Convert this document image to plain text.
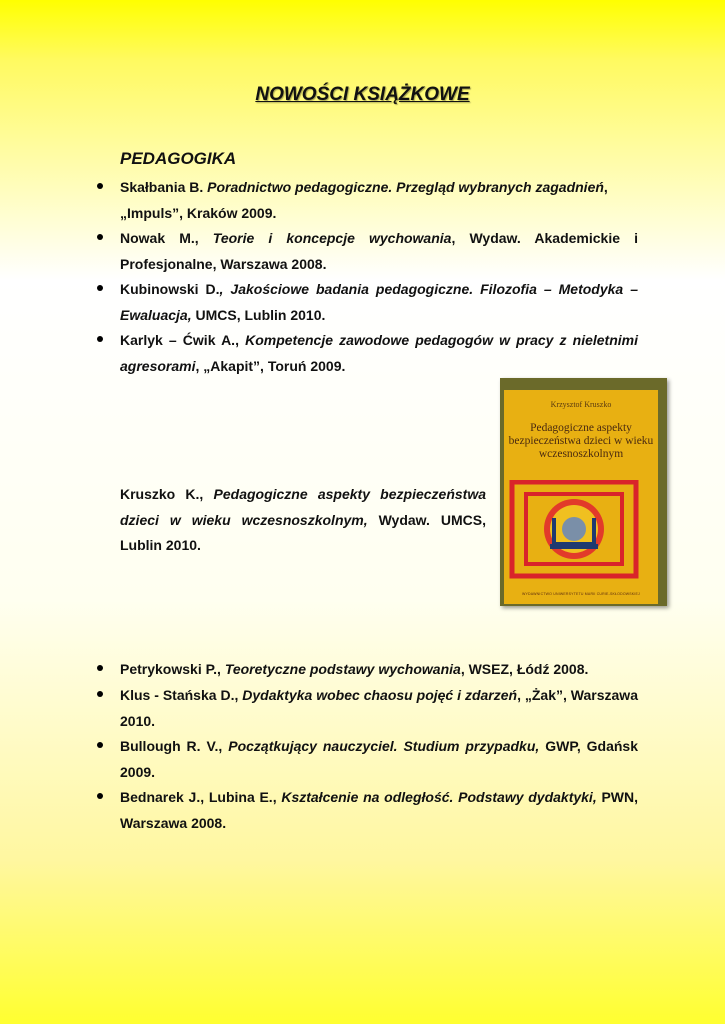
NOWOŚCI KSIĄŻKOWE
PEDAGOGIKA
Skałbania B. Poradnictwo pedagogiczne. Przegląd wybranych zagadnień,
„Impuls”, Kraków 2009.
Nowak M., Teorie i koncepcje wychowania, Wydaw. Akademickie i Profesjonalne, Warszawa 2008.
Kubinowski D., Jakościowe badania pedagogiczne. Filozofia – Metodyka – Ewaluacja, UMCS, Lublin 2010.
Karlyk – Ćwik A., Kompetencje zawodowe pedagogów w pracy z nieletnimi agresorami, „Akapit”, Toruń 2009.
Kruszko K., Pedagogiczne aspekty bezpieczeństwa dzieci w wieku wczesnoszkolnym, Wydaw. UMCS, Lublin 2010.
Krzysztof Kruszko
Pedagogiczne aspekty bezpieczeństwa dzieci w wieku wczesnoszkolnym
WYDAWNICTWO UNIWERSYTETU MARII CURIE-SKŁODOWSKIEJ
Petrykowski P., Teoretyczne podstawy wychowania, WSEZ, Łódź 2008.
Klus - Stańska D., Dydaktyka wobec chaosu pojęć i zdarzeń, „Żak”, Warszawa 2010.
Bullough R. V., Początkujący nauczyciel. Studium przypadku, GWP, Gdańsk 2009.
Bednarek J., Lubina E., Kształcenie na odległość. Podstawy dydaktyki, PWN, Warszawa 2008.
